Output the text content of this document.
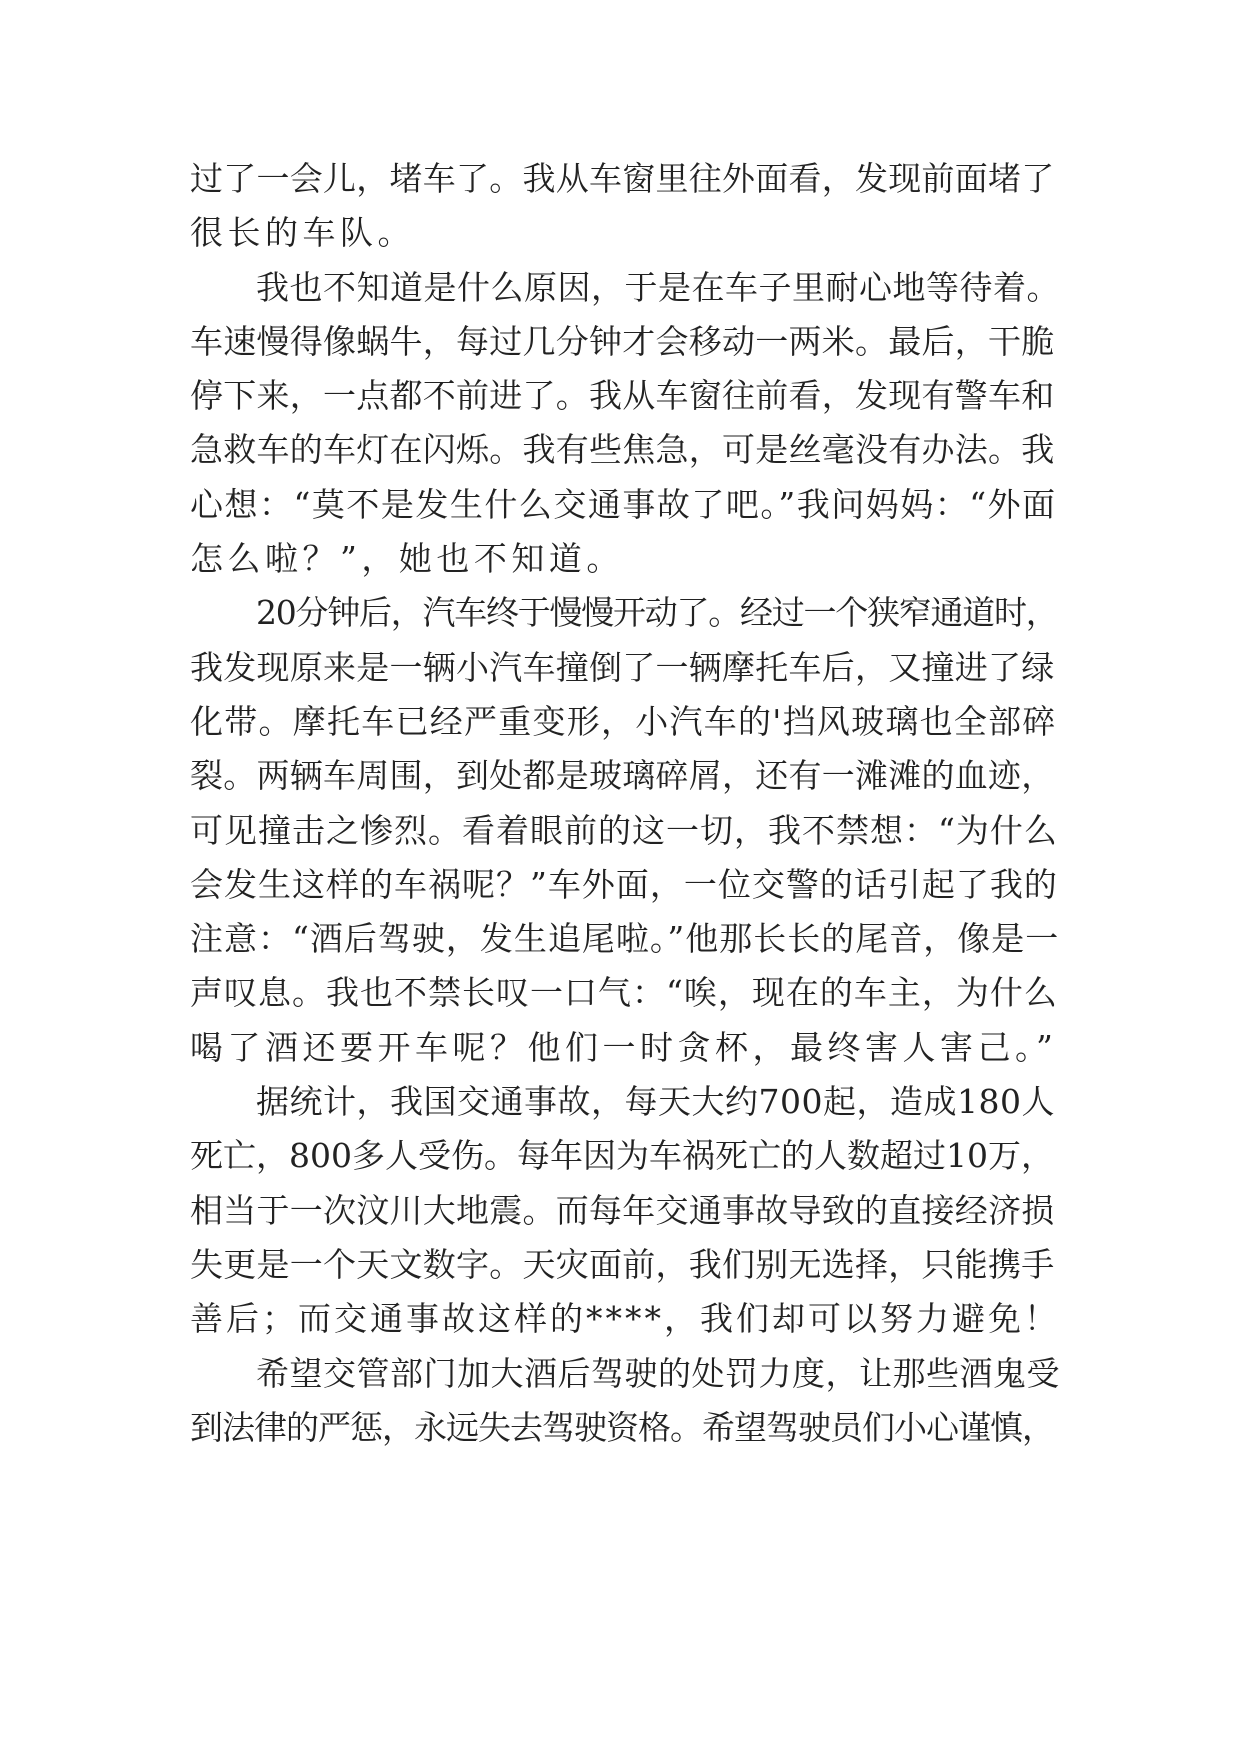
过了一会儿，堵车了。我从车窗里往外面看，发现前面堵了
很长的车队。
我也不知道是什么原因，于是在车子里耐心地等待着。
车速慢得像蜗牛，每过几分钟才会移动一两米。最后，干脆
停下来，一点都不前进了。我从车窗往前看，发现有警车和
急救车的车灯在闪烁。我有些焦急，可是丝毫没有办法。我
心想：“莫不是发生什么交通事故了吧。”我问妈妈：“外面
怎么啦？”，她也不知道。
20分钟后，汽车终于慢慢开动了。经过一个狭窄通道时，
我发现原来是一辆小汽车撞倒了一辆摩托车后，又撞进了绿
化带。摩托车已经严重变形，小汽车的'挡风玻璃也全部碎
裂。两辆车周围，到处都是玻璃碎屑，还有一滩滩的血迹，
可见撞击之惨烈。看着眼前的这一切，我不禁想：“为什么
会发生这样的车祸呢？”车外面，一位交警的话引起了我的
注意：“酒后驾驶，发生追尾啦。”他那长长的尾音，像是一
声叹息。我也不禁长叹一口气：“唉，现在的车主，为什么
喝了酒还要开车呢？他们一时贪杯，最终害人害己。”
据统计，我国交通事故，每天大约700起，造成180人
死亡，800多人受伤。每年因为车祸死亡的人数超过10万，
相当于一次汶川大地震。而每年交通事故导致的直接经济损
失更是一个天文数字。天灾面前，我们别无选择，只能携手
善后；而交通事故这样的****，我们却可以努力避免！
希望交管部门加大酒后驾驶的处罚力度，让那些酒鬼受
到法律的严惩，永远失去驾驶资格。希望驾驶员们小心谨慎，
